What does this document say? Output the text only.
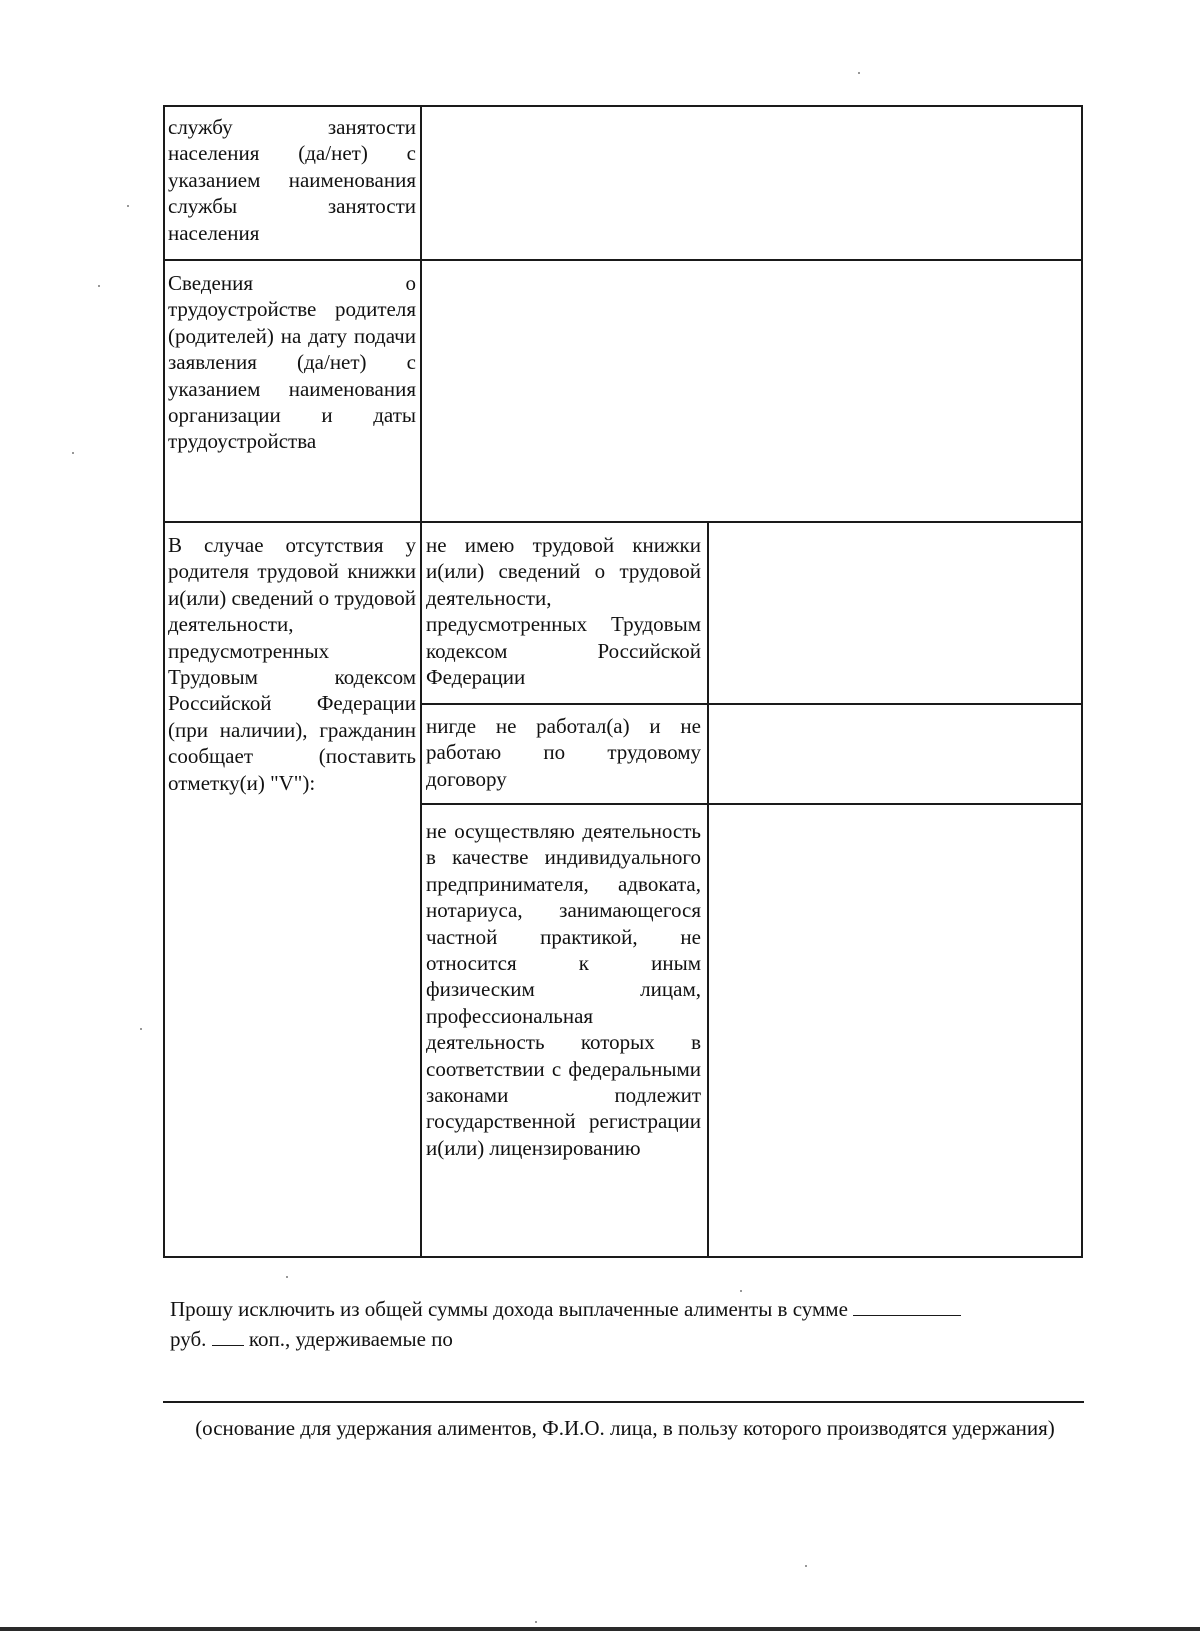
службу занятости населения (да/нет) с указанием наименования службы занятости населения
Сведения о трудоустройстве родителя (родителей) на дату подачи заявления (да/нет) с указанием наименования организации и даты трудоустройства
В случае отсутствия у родителя трудовой книжки и(или) сведений о трудовой деятельности, предусмотренных Трудовым кодексом Российской Федерации (при наличии), гражданин сообщает (поставить отметку(и) "V"):
не имею трудовой книжки и(или) сведений о трудовой деятельности, предусмотренных Трудовым кодексом Российской Федерации
нигде не работал(а) и не работаю по трудовому договору
не осуществляю деятельность в качестве индивидуального предпринимателя, адвоката, нотариуса, занимающегося частной практикой, не относится к иным физическим лицам, профессиональная деятельность которых в соответствии с федеральными законами подлежит государственной регистрации и(или) лицензированию
Прошу исключить из общей суммы дохода выплаченные алименты в сумме
руб. коп., удерживаемые по
(основание для удержания алиментов, Ф.И.О. лица, в пользу которого производятся удержания)
